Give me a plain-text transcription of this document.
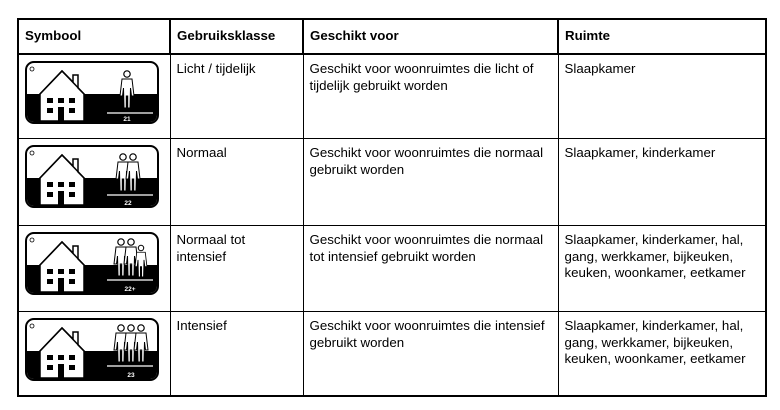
Symbool	Gebruiksklasse	Geschikt voor	Ruimte

21	Licht / tijdelijk	Geschikt voor woonruimtes die licht of tijdelijk gebruikt worden	Slaapkamer

22	Normaal	Geschikt voor woonruimtes die normaal gebruikt worden	Slaapkamer, kinderkamer

22+	Normaal tot intensief	Geschikt voor woonruimtes die normaal tot intensief gebruikt worden	Slaapkamer, kinderkamer, hal, gang, werkkamer, bijkeuken, keuken, woonkamer, eetkamer

23	Intensief	Geschikt voor woonruimtes die intensief gebruikt worden	Slaapkamer, kinderkamer, hal, gang, werkkamer, bijkeuken, keuken, woonkamer, eetkamer
